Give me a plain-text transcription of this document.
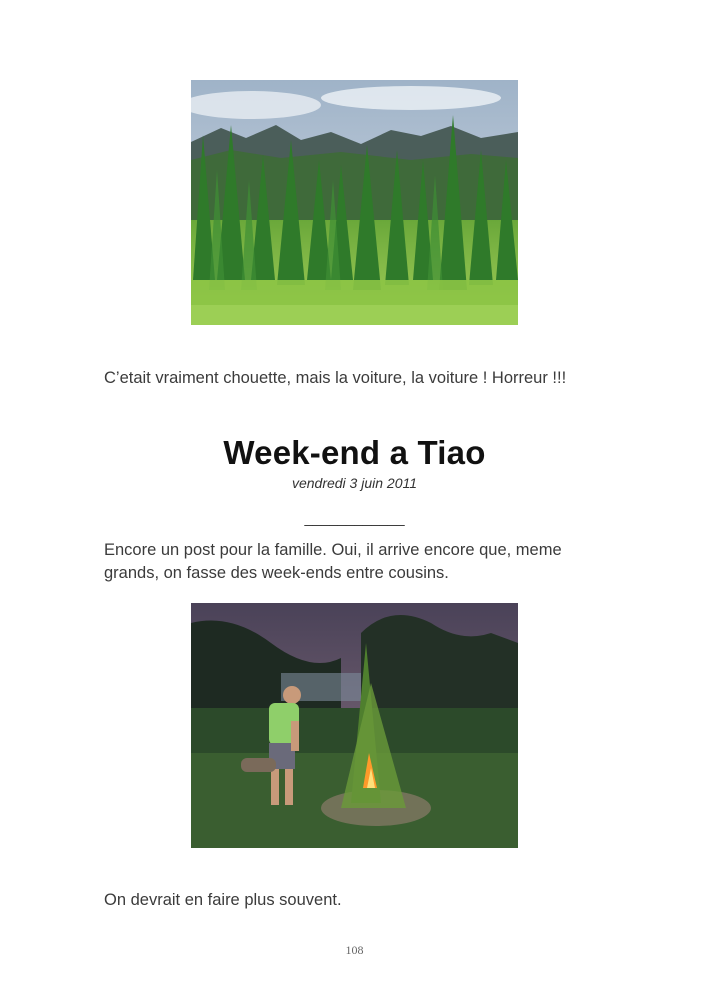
C’etait vraiment chouette, mais la voiture, la voiture ! Horreur !!!
Week-end a Tiao
vendredi 3 juin 2011
____________
Encore un post pour la famille. Oui, il arrive encore que, meme grands, on fasse des week-ends entre cousins.
On devrait en faire plus souvent.
108
